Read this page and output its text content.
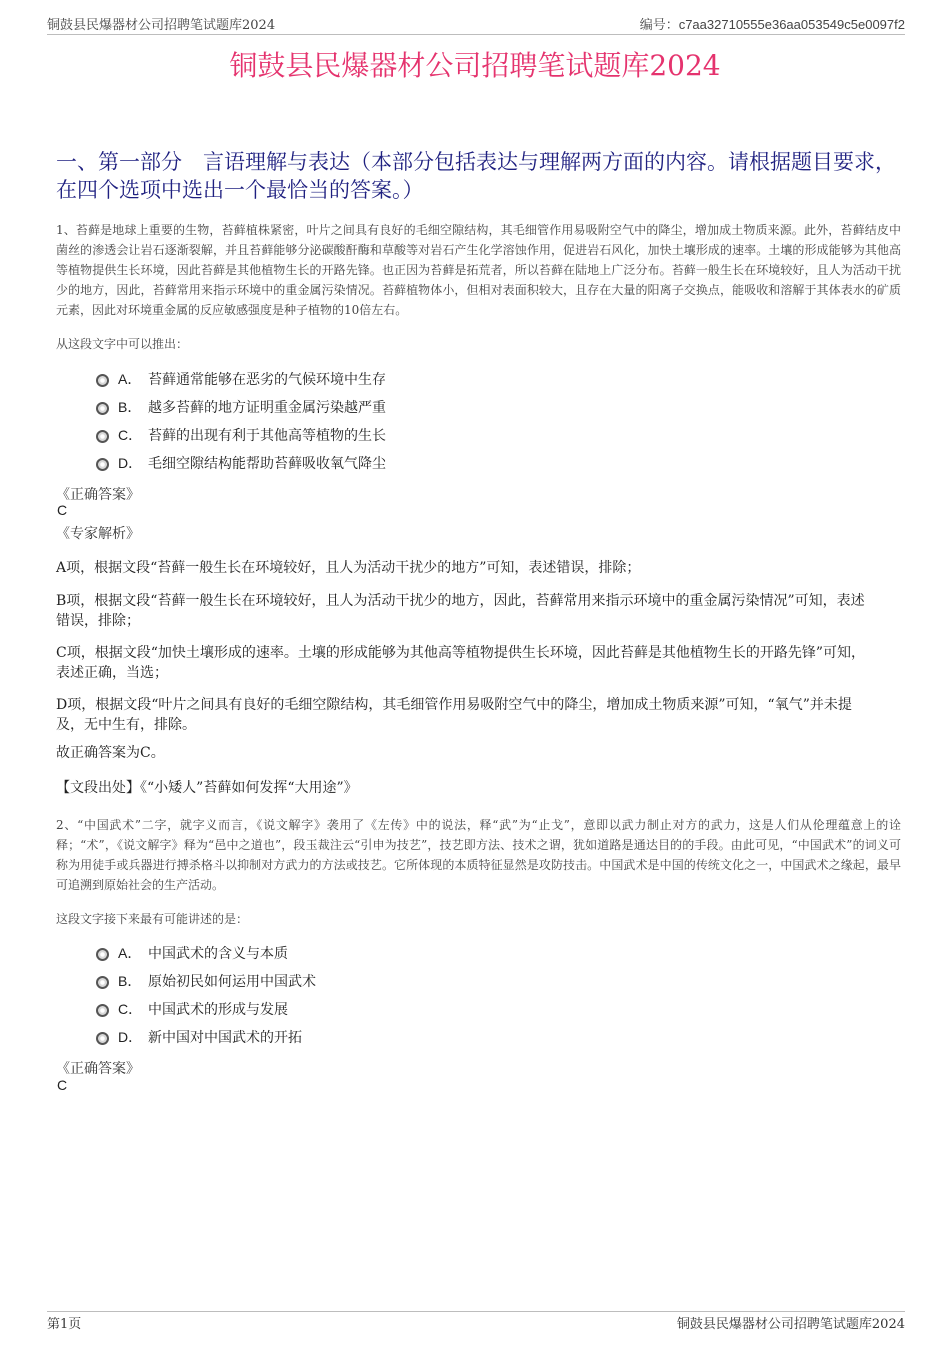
铜鼓县民爆器材公司招聘笔试题库2024	编号：c7aa32710555e36aa053549c5e0097f2
铜鼓县民爆器材公司招聘笔试题库2024
一、第一部分　言语理解与表达（本部分包括表达与理解两方面的内容。请根据题目要求，在四个选项中选出一个最恰当的答案。）
1、苔藓是地球上重要的生物，苔藓植株紧密，叶片之间具有良好的毛细空隙结构，其毛细管作用易吸附空气中的降尘，增加成土物质来源。此外，苔藓结皮中菌丝的渗透会让岩石逐渐裂解，并且苔藓能够分泌碳酸酐酶和草酸等对岩石产生化学溶蚀作用，促进岩石风化，加快土壤形成的速率。土壤的形成能够为其他高等植物提供生长环境，因此苔藓是其他植物生长的开路先锋。也正因为苔藓是拓荒者，所以苔藓在陆地上广泛分布。苔藓一般生长在环境较好，且人为活动干扰少的地方，因此，苔藓常用来指示环境中的重金属污染情况。苔藓植物体小，但相对表面积较大，且存在大量的阳离子交换点，能吸收和溶解于其体表水的矿质元素，因此对环境重金属的反应敏感强度是种子植物的10倍左右。
从这段文字中可以推出：
A． 苔藓通常能够在恶劣的气候环境中生存
B． 越多苔藓的地方证明重金属污染越严重
C． 苔藓的出现有利于其他高等植物的生长
D． 毛细空隙结构能帮助苔藓吸收氧气降尘
《正确答案》
C
《专家解析》
A项，根据文段“苔藓一般生长在环境较好，且人为活动干扰少的地方”可知，表述错误，排除；
B项，根据文段“苔藓一般生长在环境较好，且人为活动干扰少的地方，因此，苔藓常用来指示环境中的重金属污染情况”可知，表述错误，排除；
C项，根据文段“加快土壤形成的速率。土壤的形成能够为其他高等植物提供生长环境，因此苔藓是其他植物生长的开路先锋”可知，表述正确，当选；
D项，根据文段“叶片之间具有良好的毛细空隙结构，其毛细管作用易吸附空气中的降尘，增加成土物质来源”可知，“氧气”并未提及，无中生有，排除。
故正确答案为C。
【文段出处】《“小矮人”苔藓如何发挥“大用途”》
2、“中国武术”二字，就字义而言，《说文解字》袭用了《左传》中的说法，释“武”为“止戈”，意即以武力制止对方的武力，这是人们从伦理蕴意上的诠释；“术”，《说文解字》释为“邑中之道也”，段玉裁注云“引申为技艺”，技艺即方法、技术之谓，犹如道路是通达目的的手段。由此可见，“中国武术”的词义可称为用徒手或兵器进行搏杀格斗以抑制对方武力的方法或技艺。它所体现的本质特征显然是攻防技击。中国武术是中国的传统文化之一，中国武术之缘起，最早可追溯到原始社会的生产活动。
这段文字接下来最有可能讲述的是：
A． 中国武术的含义与本质
B． 原始初民如何运用中国武术
C． 中国武术的形成与发展
D． 新中国对中国武术的开拓
《正确答案》
C
第1页	铜鼓县民爆器材公司招聘笔试题库2024
